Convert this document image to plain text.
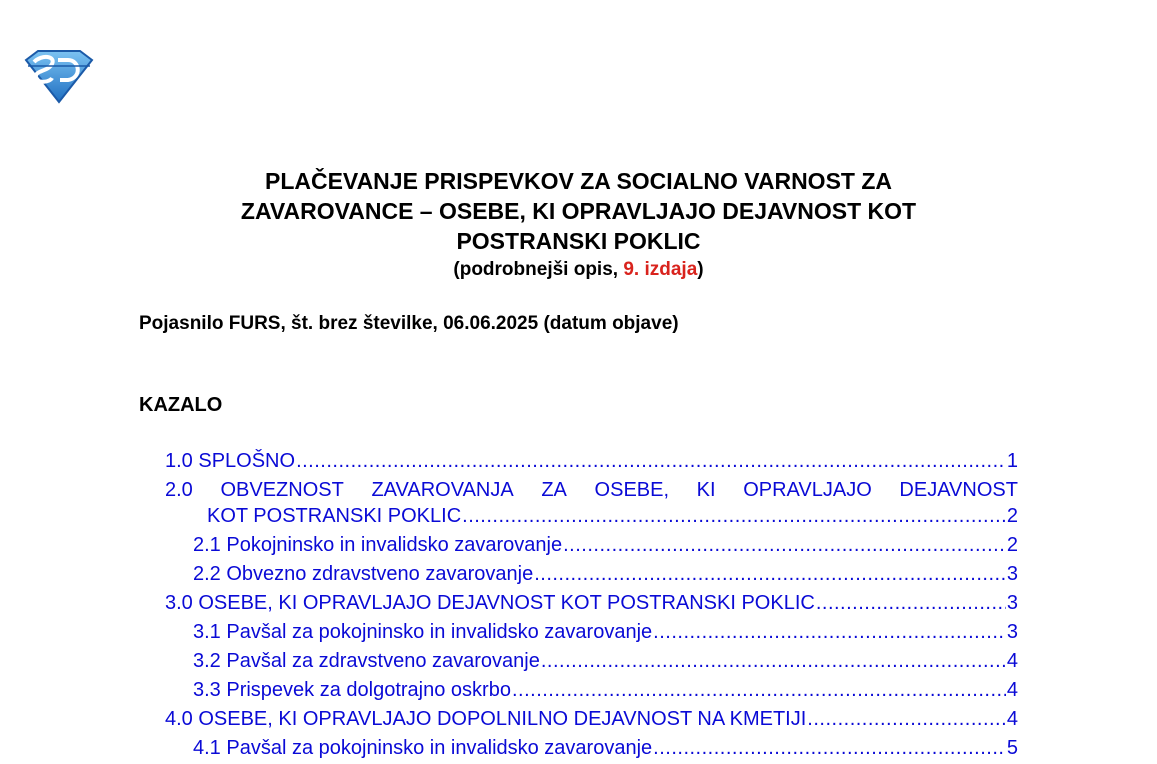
PLAČEVANJE PRISPEVKOV ZA SOCIALNO VARNOST ZA
ZAVAROVANCE – OSEBE, KI OPRAVLJAJO DEJAVNOST KOT
POSTRANSKI POKLIC
(podrobnejši opis, 9. izdaja)
Pojasnilo FURS, št. brez številke, 06.06.2025 (datum objave)
KAZALO
1.0 SPLOŠNO .....	1
2.0 OBVEZNOST ZAVAROVANJA ZA OSEBE, KI OPRAVLJAJO DEJAVNOST
KOT POSTRANSKI POKLIC .....	2
2.1 Pokojninsko in invalidsko zavarovanje .....	2
2.2 Obvezno zdravstveno zavarovanje .....	3
3.0 OSEBE, KI OPRAVLJAJO DEJAVNOST KOT POSTRANSKI POKLIC .....	3
3.1 Pavšal za pokojninsko in invalidsko zavarovanje .....	3
3.2 Pavšal za zdravstveno zavarovanje .....	4
3.3 Prispevek za dolgotrajno oskrbo .....	4
4.0 OSEBE, KI OPRAVLJAJO DOPOLNILNO DEJAVNOST NA KMETIJI .....	4
4.1 Pavšal za pokojninsko in invalidsko zavarovanje .....	5
